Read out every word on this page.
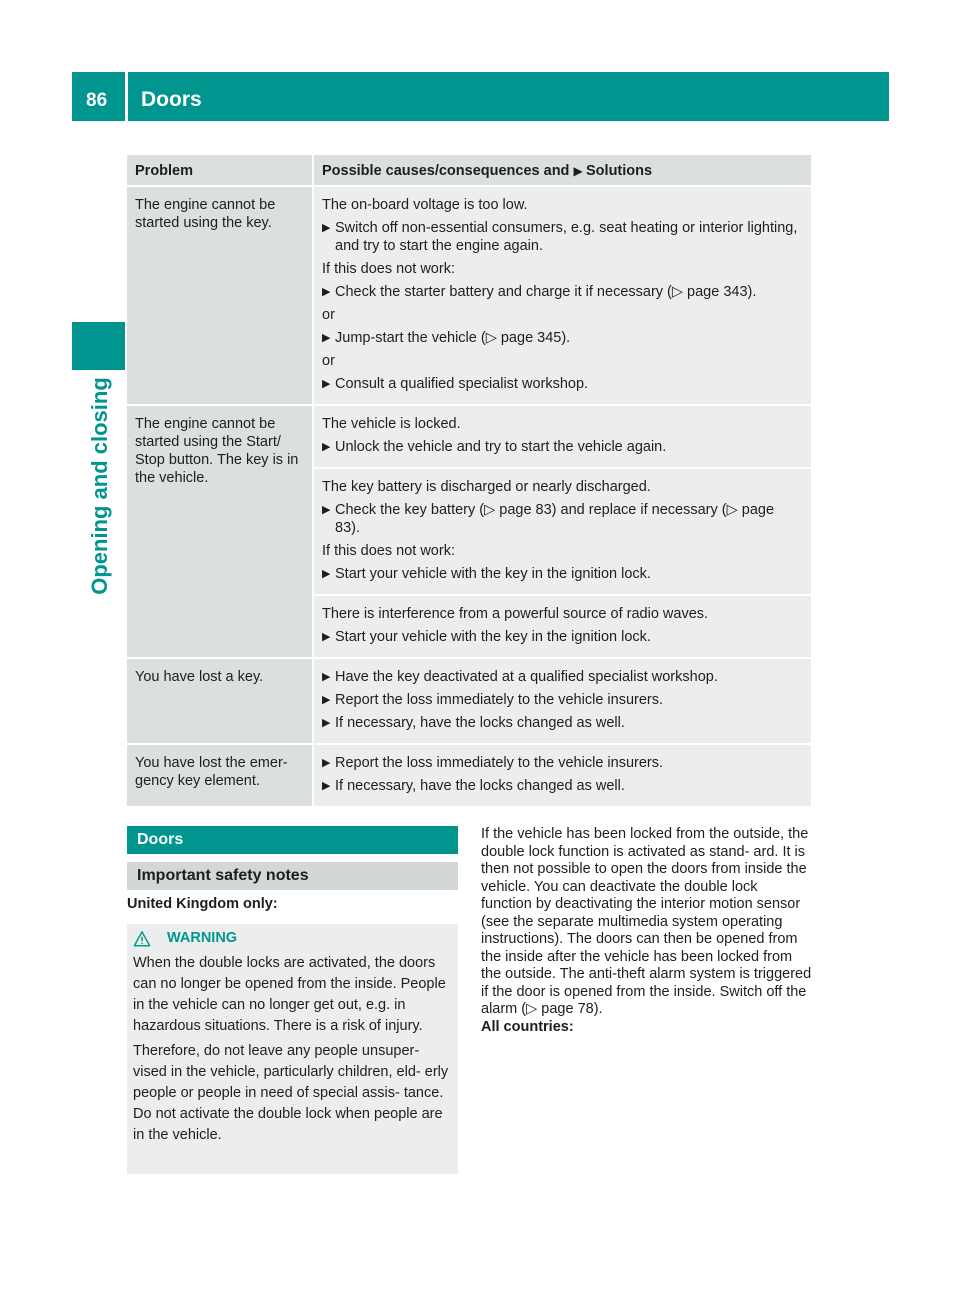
86 Doors
Opening and closing
Problem	Possible causes/consequences and ▶ Solutions
The engine cannot be started using the key.
The on-board voltage is too low.
▶
Switch off non-essential consumers, e.g. seat heating or interior lighting, and try to start the engine again.
If this does not work:
▶
Check the starter battery and charge it if necessary (▷ page 343).
or
▶
Jump-start the vehicle (▷ page 345).
or
▶
Consult a qualified specialist workshop.
The engine cannot be started using the Start/ Stop button. The key is in the vehicle.
The vehicle is locked.
▶
Unlock the vehicle and try to start the vehicle again.
The key battery is discharged or nearly discharged.
▶
Check the key battery (▷ page 83) and replace if necessary (▷ page 83).
If this does not work:
▶
Start your vehicle with the key in the ignition lock.
There is interference from a powerful source of radio waves.
▶
Start your vehicle with the key in the ignition lock.
You have lost a key.
▶	Have the key deactivated at a qualified specialist workshop.
▶
Report the loss immediately to the vehicle insurers.
▶
If necessary, have the locks changed as well.
You have lost the emer- gency key element.
▶
Report the loss immediately to the vehicle insurers.
▶
If necessary, have the locks changed as well.
Doors
Important safety notes
United Kingdom only:
WARNING

When the double locks are activated, the doors can no longer be opened from the inside. People in the vehicle can no longer get out, e.g. in hazardous situations. There is a risk of injury.

Therefore, do not leave any people unsuper- vised in the vehicle, particularly children, eld- erly people or people in need of special assis- tance. Do not activate the double lock when people are in the vehicle.

If the vehicle has been locked from the outside, the double lock function is activated as stand- ard. It is then not possible to open the doors from inside the vehicle. You can deactivate the double lock function by deactivating the interior motion sensor (see the separate multimedia system operating instructions). The doors can then be opened from the inside after the vehicle has been locked from the outside. The anti-theft alarm system is triggered if the door is opened from the inside. Switch off the alarm (▷ page 78).

All countries:
